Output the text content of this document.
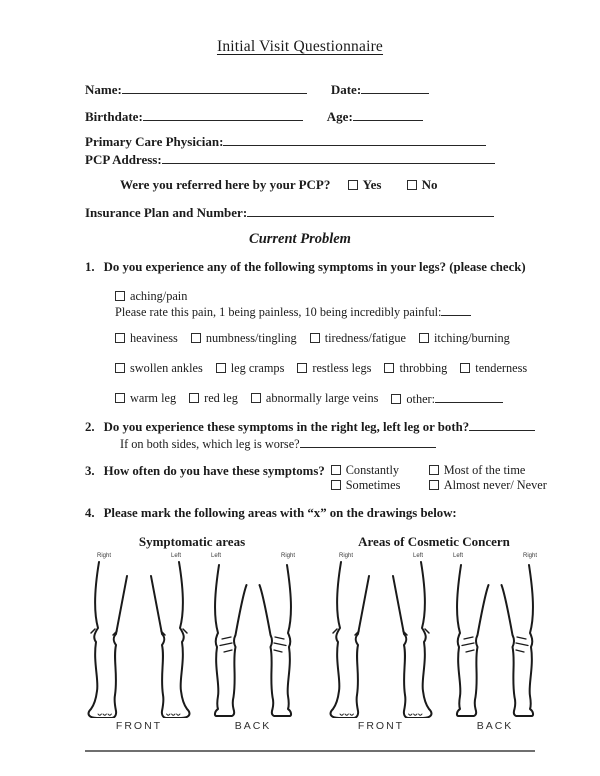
Initial Visit Questionnaire
Name:	Date:
Birthdate:	Age:
Primary Care Physician:
PCP Address:
Were you referred here by your PCP? Yes	No
Insurance Plan and Number:
Current Problem
1. Do you experience any of the following symptoms in your legs? (please check)
aching/pain
Please rate this pain, 1 being painless, 10 being incredibly painful:
heaviness	numbness/tingling	tiredness/fatigue	itching/burning
swollen ankles	leg cramps	restless legs	throbbing	tenderness
warm leg	red leg	abnormally large veins	other:
2. Do you experience these symptoms in the right leg, left leg or both?
If on both sides, which leg is worse?
3. How often do you have these symptoms?	Constantly	Most of the time
Sometimes	Almost never/ Never
4. Please mark the following areas with “x” on the drawings below:
Symptomatic areas
Right	Left
FRONT
Left	Right
BACK
Areas of Cosmetic Concern
Right	Left
FRONT
Left	Right
BACK
